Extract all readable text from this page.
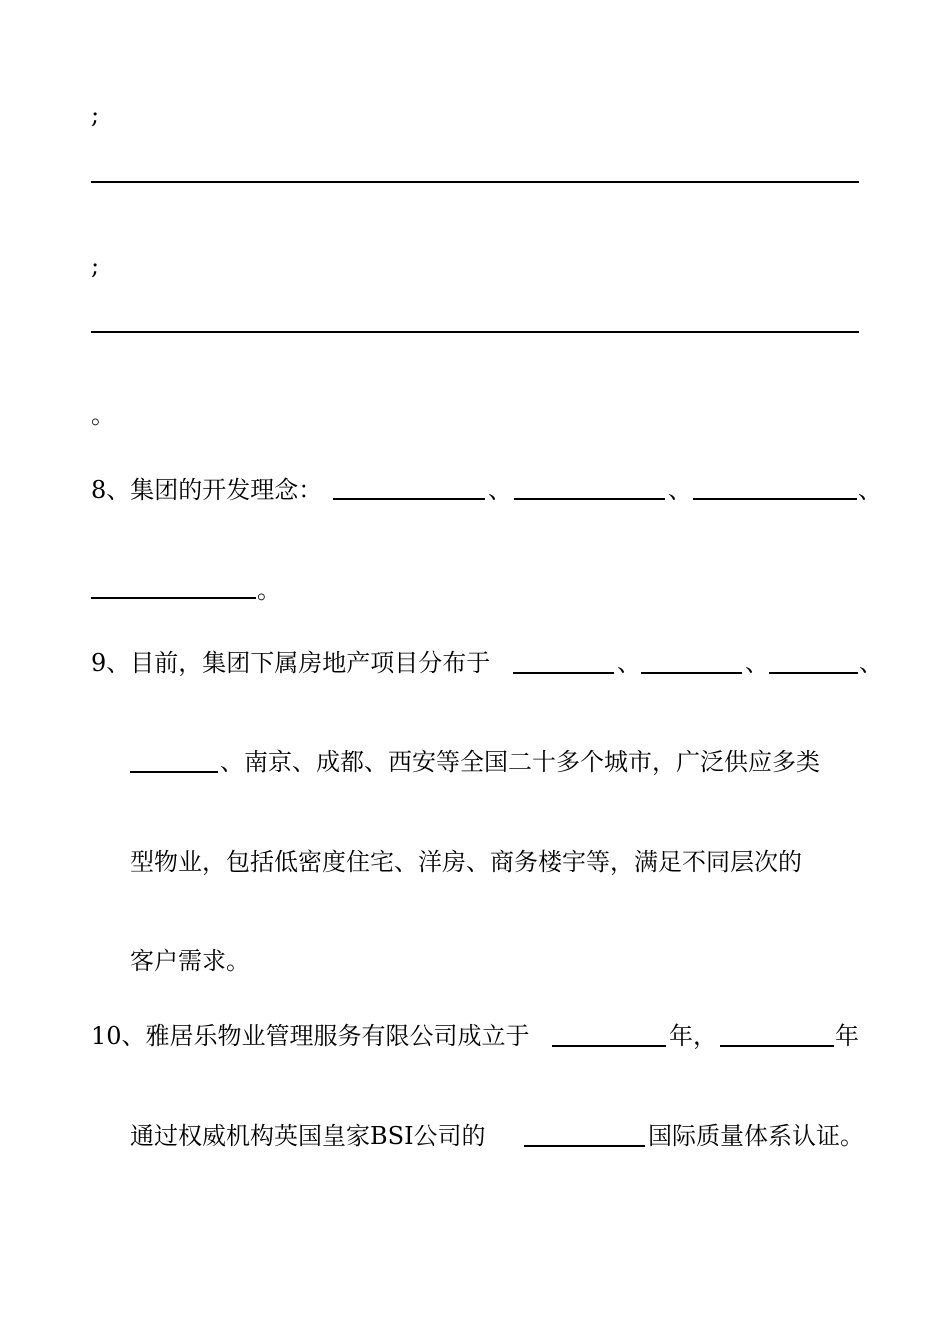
;
;
。
8、集团的开发理念：	、	、	、
。
9、目前，集团下属房地产项目分布于	、	、	、
、南京、成都、西安等全国二十多个城市，广泛供应多类
型物业，包括低密度住宅、洋房、商务楼宇等，满足不同层次的
客户需求。
10、雅居乐物业管理服务有限公司成立于	年，	年
通过权威机构英国皇家BSI公司的	国际质量体系认证。
